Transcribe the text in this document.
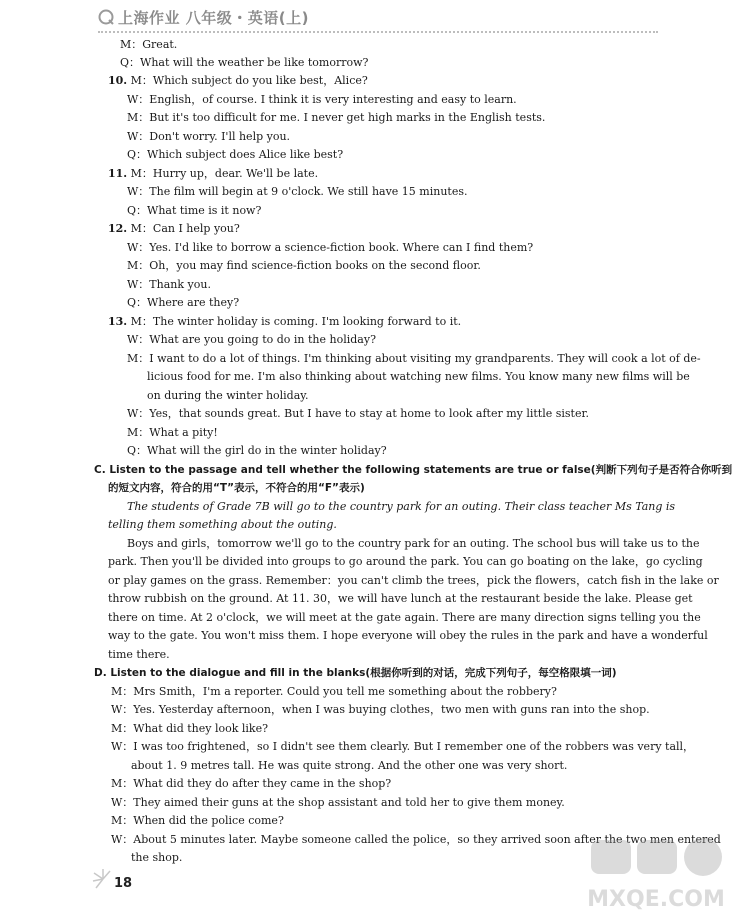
上海作业 八年级・英语(上)
M：Great.
Q：What will the weather be like tomorrow?
10. M：Which subject do you like best，Alice?
W：English，of course. I think it is very interesting and easy to learn.
M：But it's too difficult for me. I never get high marks in the English tests.
W：Don't worry. I'll help you.
Q：Which subject does Alice like best?
11. M：Hurry up，dear. We'll be late.
W：The film will begin at 9 o'clock. We still have 15 minutes.
Q：What time is it now?
12. M：Can I help you?
W：Yes. I'd like to borrow a science-fiction book. Where can I find them?
M：Oh，you may find science-fiction books on the second floor.
W：Thank you.
Q：Where are they?
13. M：The winter holiday is coming. I'm looking forward to it.
W：What are you going to do in the holiday?
M：I want to do a lot of things. I'm thinking about visiting my grandparents. They will cook a lot of de-
licious food for me. I'm also thinking about watching new films. You know many new films will be
on during the winter holiday.
W：Yes，that sounds great. But I have to stay at home to look after my little sister.
M：What a pity!
Q：What will the girl do in the winter holiday?
C. Listen to the passage and tell whether the following statements are true or false(判断下列句子是否符合你听到
的短文内容，符合的用“T”表示，不符合的用“F”表示)
The students of Grade 7B will go to the country park for an outing. Their class teacher Ms Tang is
telling them something about the outing.
Boys and girls，tomorrow we'll go to the country park for an outing. The school bus will take us to the
park. Then you'll be divided into groups to go around the park. You can go boating on the lake，go cycling
or play games on the grass. Remember：you can't climb the trees，pick the flowers，catch fish in the lake or
throw rubbish on the ground. At 11. 30，we will have lunch at the restaurant beside the lake. Please get
there on time. At 2 o'clock，we will meet at the gate again. There are many direction signs telling you the
way to the gate. You won't miss them. I hope everyone will obey the rules in the park and have a wonderful
time there.
D. Listen to the dialogue and fill in the blanks(根据你听到的对话，完成下列句子，每空格限填一词)
M：Mrs Smith，I'm a reporter. Could you tell me something about the robbery?
W：Yes. Yesterday afternoon，when I was buying clothes，two men with guns ran into the shop.
M：What did they look like?
W：I was too frightened，so I didn't see them clearly. But I remember one of the robbers was very tall，
about 1. 9 metres tall. He was quite strong. And the other one was very short.
M：What did they do after they came in the shop?
W：They aimed their guns at the shop assistant and told her to give them money.
M：When did the police come?
W：About 5 minutes later. Maybe someone called the police，so they arrived soon after the two men entered
the shop.
18
MXQE.COM
